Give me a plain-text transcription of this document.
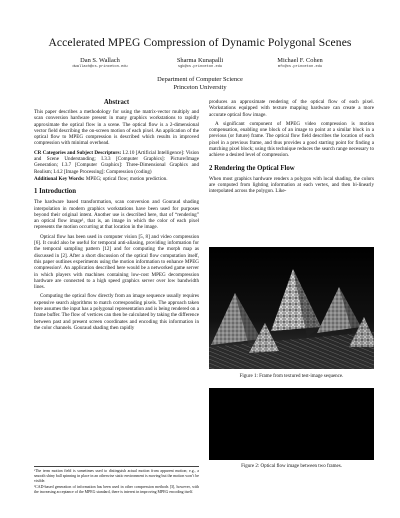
Accelerated MPEG Compression of Dynamic Polygonal Scenes
Dan S. Wallach
dwallach@cs.princeton.edu
Sharma Kunapalli
sgk@cs.princeton.edu
Michael F. Cohen
mfc@cs.princeton.edu
Department of Computer Science
Princeton University
Abstract

This paper describes a methodology for using the matrix-vector multiply and scan conversion hardware present in many graphics workstations to rapidly approximate the optical flow in a scene. The optical flow is a 2-dimensional vector field describing the on-screen motion of each pixel. An application of the optical flow to MPEG compression is described which results in improved compression with minimal overhead.

CR Categories and Subject Descriptors: I.2.10 [Artificial Intelligence]: Vision and Scene Understanding; I.3.3 [Computer Graphics]: Picture/Image Generation; I.3.7 [Computer Graphics]: Three-Dimensional Graphics and Realism; I.4.2 [Image Processing]: Compression (coding)
Additional Key Words: MPEG; optical flow; motion prediction.
1 Introduction

The hardware based transformation, scan conversion and Gouraud shading interpolation in modern graphics workstations have been used for purposes beyond their original intent. Another use is described here, that of “rendering” an optical flow image¹, that is, an image in which the color of each pixel represents the motion occurring at that location in the image.

Optical flow has been used in computer vision [5, 8] and video compression [6]. It could also be useful for temporal anti-aliasing, providing information for the temporal sampling pattern [12] and for computing the morph map as discussed in [2]. After a short discussion of the optical flow computation itself, this paper outlines experiments using the motion information to enhance MPEG compression². An application described here would be a networked game server in which players with machines containing low-cost MPEG decompression hardware are connected to a high speed graphics server over low bandwidth lines.

Computing the optical flow directly from an image sequence usually requires expensive search algorithms to match corresponding pixels. The approach taken here assumes the input has a polygonal representation and is being rendered on a frame buffer. The flow of vertices can then be calculated by taking the difference between past and present screen coordinates and encoding this information in the color channels. Gouraud shading then rapidly

produces an approximate rendering of the optical flow of each pixel. Workstations equipped with texture mapping hardware can create a more accurate optical flow image.

A significant component of MPEG video compression is motion compensation, enabling one block of an image to point at a similar block in a previous (or future) frame. The optical flow field describes the location of each pixel in a previous frame, and thus provides a good starting point for finding a matching pixel block; using this technique reduces the search range necessary to achieve a desired level of compression.

2 Rendering the Optical Flow

When most graphics hardware renders a polygon with local shading, the colors are computed from lighting information at each vertex, and then bi-linearly interpolated across the polygon. Like-

Figure 1: Frame from textured test-image sequence.
Figure 2: Optical flow image between two frames.

¹The term motion field is sometimes used to distinguish actual motion from apparent motion; e.g., a smooth shiny ball spinning in place in an otherwise static environment is moving but the motion won’t be visible.

²CAD-based generation of information has been used in other compression methods [3], however, with the increasing acceptance of the MPEG standard, there is interest in improving MPEG encoding itself.
